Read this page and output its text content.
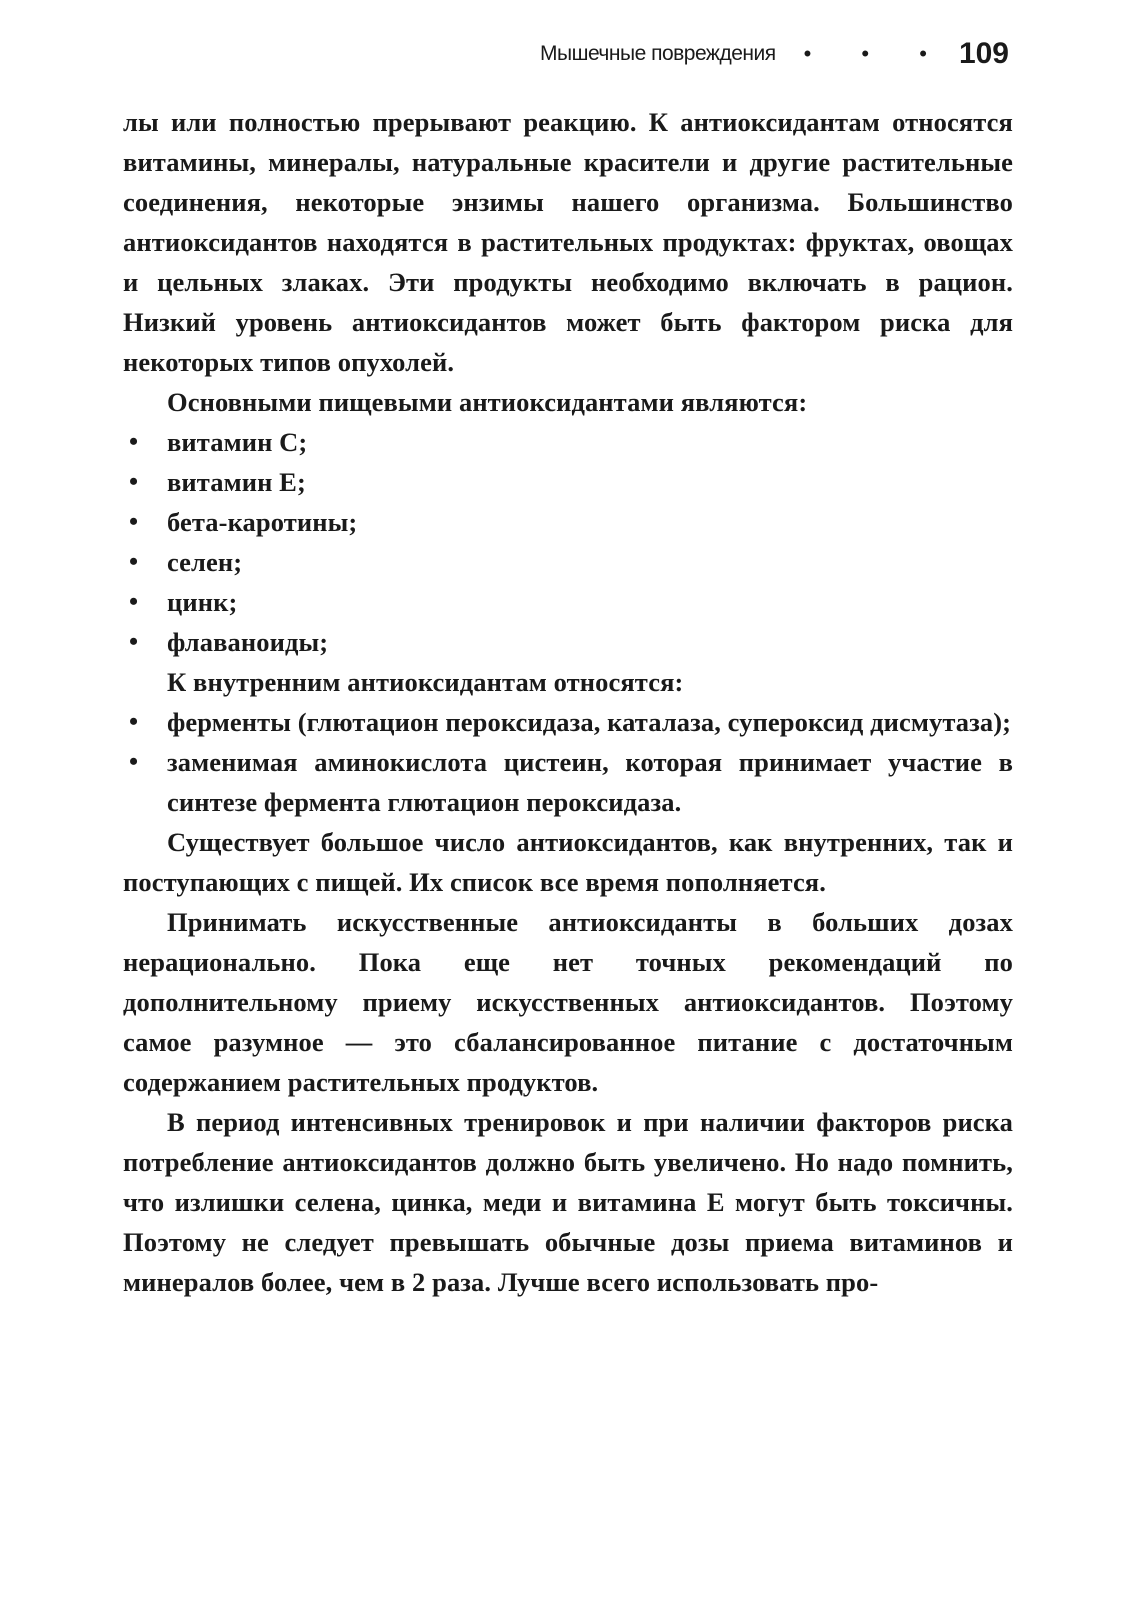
Мышечные повреждения • • • 109

лы или полностью прерывают реакцию. К антиоксидантам относятся витамины, минералы, натуральные красители и другие растительные соединения, некоторые энзимы нашего организма. Большинство антиоксидантов находятся в растительных продуктах: фруктах, овощах и цельных злаках. Эти продукты необходимо включать в рацион. Низкий уровень антиоксидантов может быть фактором риска для некоторых типов опухолей.

Основными пищевыми антиоксидантами являются:

• витамин С;
• витамин Е;
• бета-каротины;
• селен;
• цинк;
• флаваноиды;

К внутренним антиоксидантам относятся:

• ферменты (глютацион пероксидаза, каталаза, супероксид дисмутаза);
• заменимая аминокислота цистеин, которая принимает участие в синтезе фермента глютацион пероксидаза.

Существует большое число антиоксидантов, как внутренних, так и поступающих с пищей. Их список все время пополняется.

Принимать искусственные антиоксиданты в больших дозах нерационально. Пока еще нет точных рекомендаций по дополнительному приему искусственных антиоксидантов. Поэтому самое разумное — это сбалансированное питание с достаточным содержанием растительных продуктов.

В период интенсивных тренировок и при наличии факторов риска потребление антиоксидантов должно быть увеличено. Но надо помнить, что излишки селена, цинка, меди и витамина Е могут быть токсичны. Поэтому не следует превышать обычные дозы приема витаминов и минералов более, чем в 2 раза. Лучше всего использовать про-
